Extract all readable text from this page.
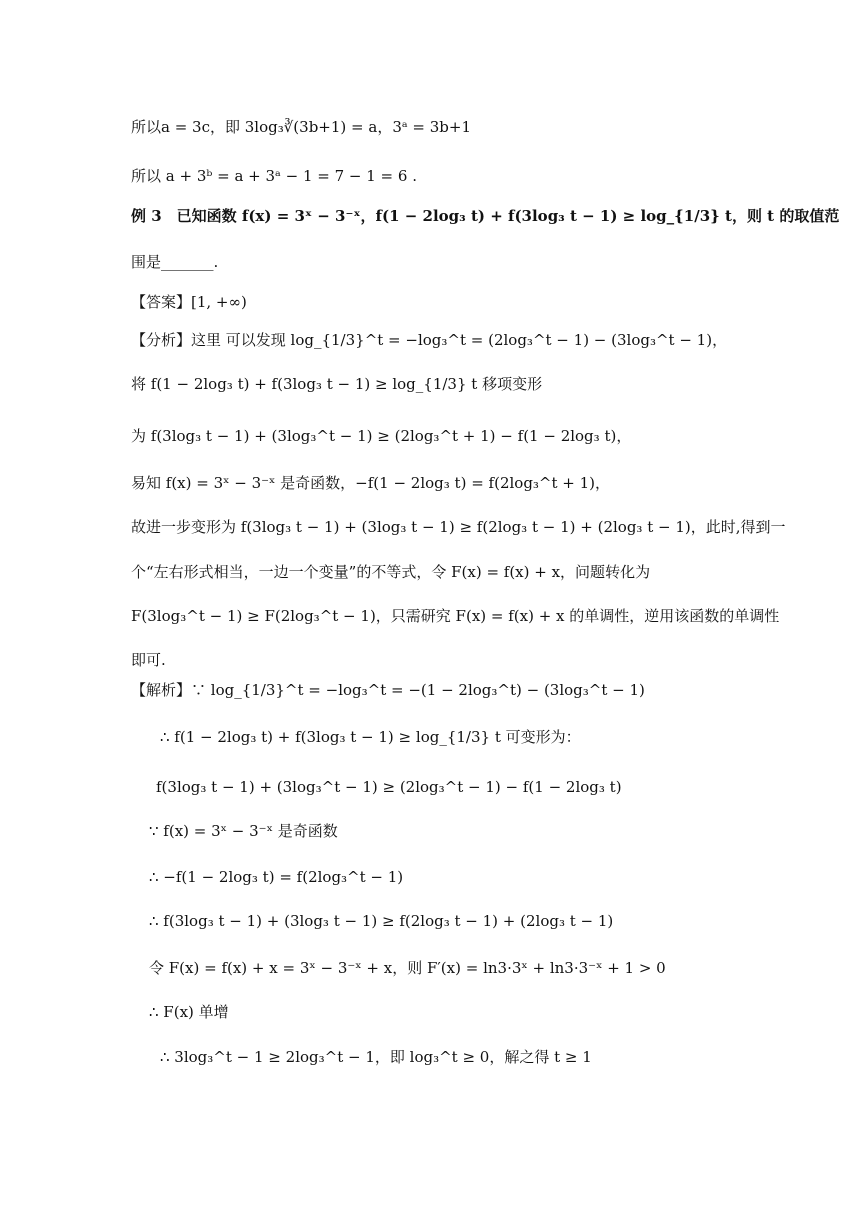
所以a = 3c，即 3log₃∛(3b+1) = a，3ᵃ = 3b+1
所以 a + 3ᵇ = a + 3ᵃ − 1 = 7 − 1 = 6 .
例 3　已知函数 f(x) = 3ˣ − 3⁻ˣ，f(1 − 2log₃ t) + f(3log₃ t − 1) ≥ log_{1/3} t，则 t 的取值范
围是_______.
【答案】[1, +∞)
【分析】这里 可以发现 log_{1/3}^t = −log₃^t = (2log₃^t − 1) − (3log₃^t − 1)，
将 f(1 − 2log₃ t) + f(3log₃ t − 1) ≥ log_{1/3} t 移项变形
为 f(3log₃ t − 1) + (3log₃^t − 1) ≥ (2log₃^t + 1) − f(1 − 2log₃ t)，
易知 f(x) = 3ˣ − 3⁻ˣ 是奇函数，−f(1 − 2log₃ t) = f(2log₃^t + 1)，
故进一步变形为 f(3log₃ t − 1) + (3log₃ t − 1) ≥ f(2log₃ t − 1) + (2log₃ t − 1)，此时,得到一
个“左右形式相当，一边一个变量”的不等式，令 F(x) = f(x) + x，问题转化为
F(3log₃^t − 1) ≥ F(2log₃^t − 1)，只需研究 F(x) = f(x) + x 的单调性，逆用该函数的单调性
即可.
【解析】∵ log_{1/3}^t = −log₃^t = −(1 − 2log₃^t) − (3log₃^t − 1)
∴ f(1 − 2log₃ t) + f(3log₃ t − 1) ≥ log_{1/3} t 可变形为：
f(3log₃ t − 1) + (3log₃^t − 1) ≥ (2log₃^t − 1) − f(1 − 2log₃ t)
∵ f(x) = 3ˣ − 3⁻ˣ 是奇函数
∴ −f(1 − 2log₃ t) = f(2log₃^t − 1)
∴ f(3log₃ t − 1) + (3log₃ t − 1) ≥ f(2log₃ t − 1) + (2log₃ t − 1)
令 F(x) = f(x) + x = 3ˣ − 3⁻ˣ + x，则 F′(x) = ln3·3ˣ + ln3·3⁻ˣ + 1 > 0
∴ F(x) 单增
∴ 3log₃^t − 1 ≥ 2log₃^t − 1，即 log₃^t ≥ 0，解之得 t ≥ 1
